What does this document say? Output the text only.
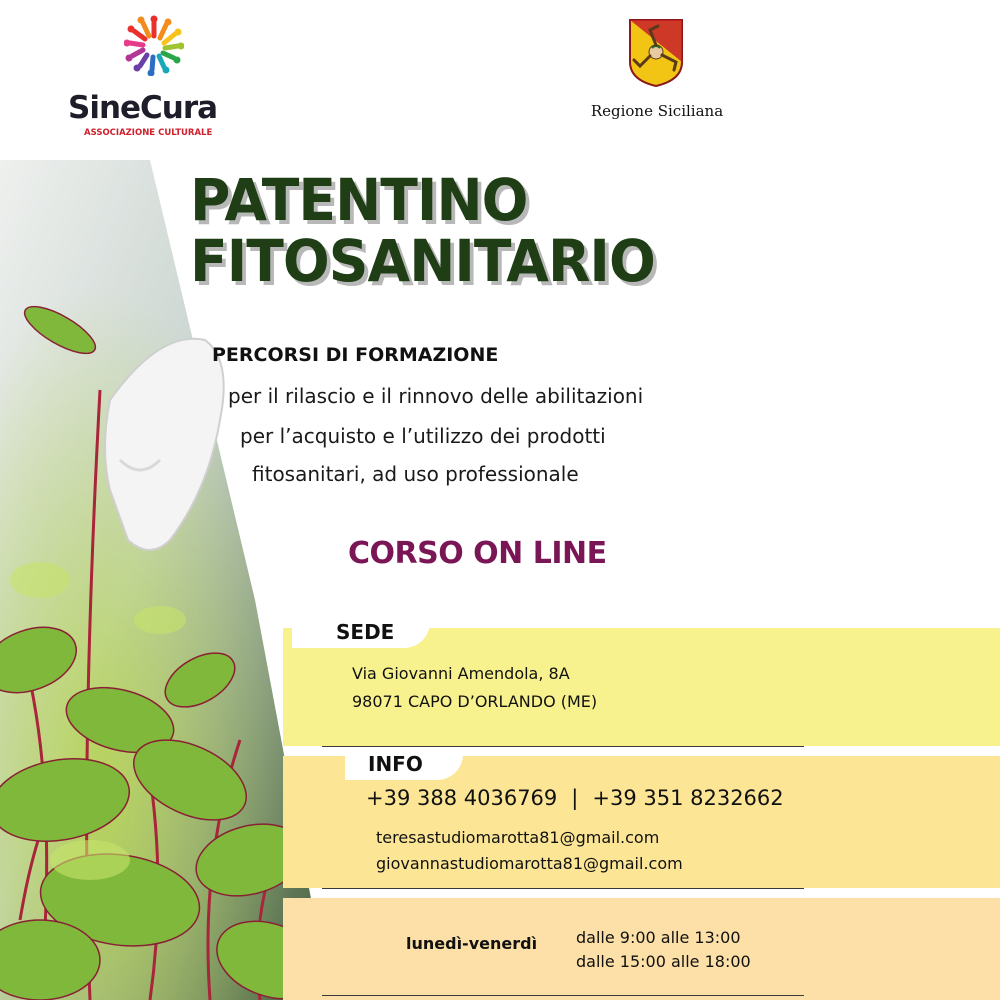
SineCura
ASSOCIAZIONE CULTURALE
Regione Siciliana
PATENTINO
FITOSANITARIO
PERCORSI DI FORMAZIONE
per il rilascio e il rinnovo delle abilitazioni
per l’acquisto e l’utilizzo dei prodotti
fitosanitari, ad uso professionale
CORSO ON LINE
SEDE
Via Giovanni Amendola, 8A
98071 CAPO D’ORLANDO (ME)
INFO
+39 388 4036769 | +39 351 8232662
teresastudiomarotta81@gmail.com
giovannastudiomarotta81@gmail.com
lunedì-venerdì dalle 9:00 alle 13:00
dalle 15:00 alle 18:00
